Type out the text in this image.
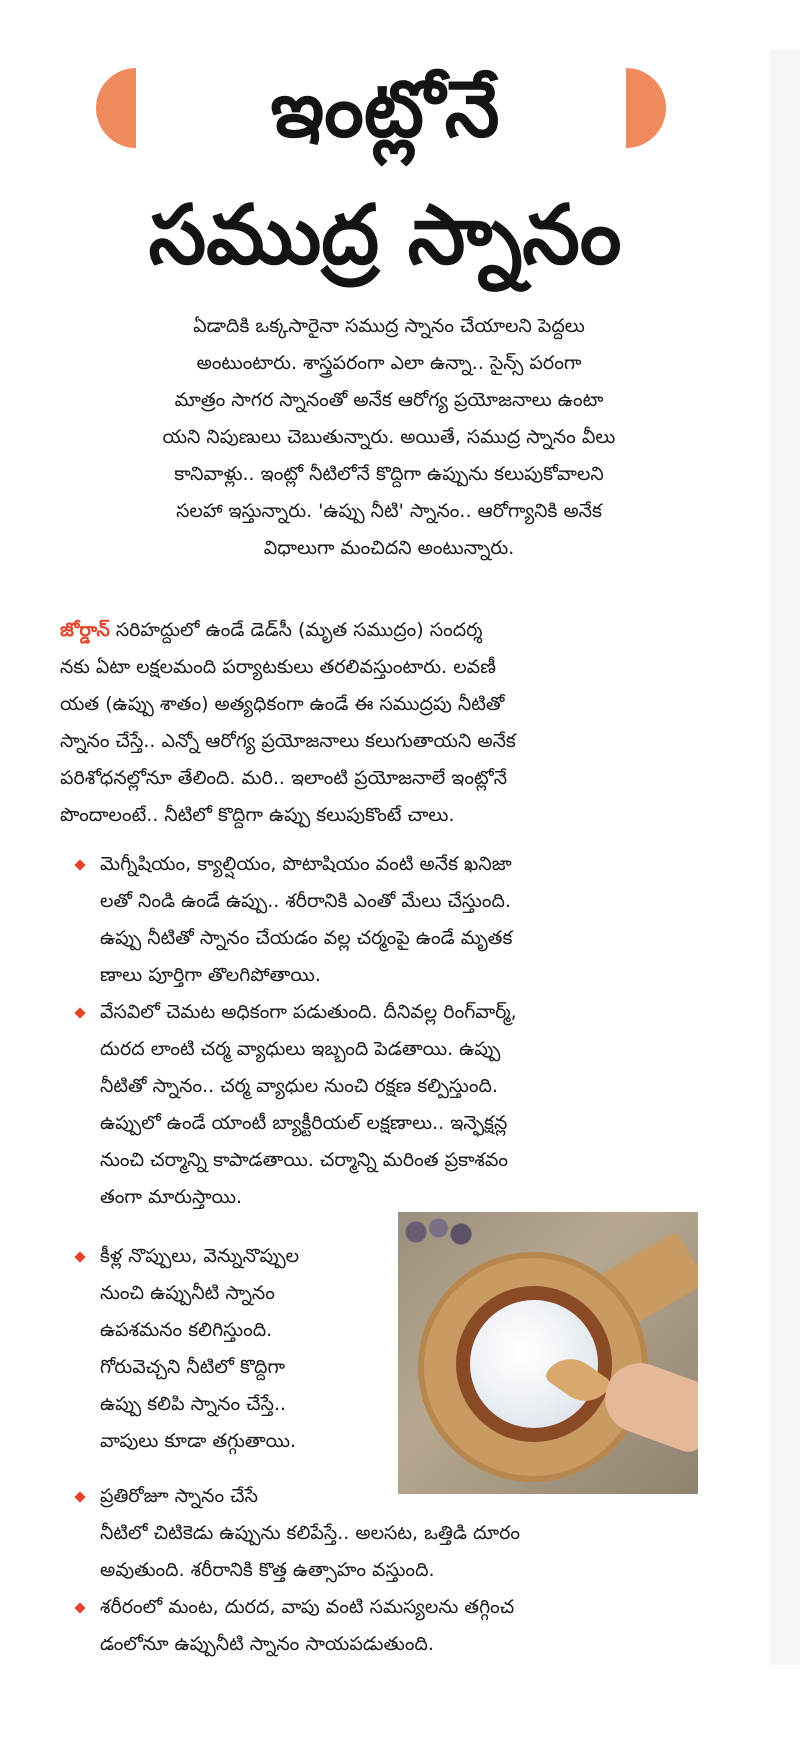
ఇంట్లోనే
సముద్ర స్నానం

ఏడాదికి ఒక్కసారైనా సముద్ర స్నానం చేయాలని పెద్దలు

అంటుంటారు. శాస్త్రపరంగా ఎలా ఉన్నా.. సైన్స్ పరంగా

మాత్రం సాగర స్నానంతో అనేక ఆరోగ్య ప్రయోజనాలు ఉంటా

యని నిపుణులు చెబుతున్నారు. అయితే, సముద్ర స్నానం వీలు

కానివాళ్లు.. ఇంట్లో నీటిలోనే కొద్దిగా ఉప్పును కలుపుకోవాలని

సలహా ఇస్తున్నారు. 'ఉప్పు నీటి' స్నానం.. ఆరోగ్యానికి అనేక

విధాలుగా మంచిదని అంటున్నారు.

జోర్డాన్ సరిహద్దులో ఉండే డెడ్‌సీ (మృత సముద్రం) సందర్శ

నకు ఏటా లక్షలమంది పర్యాటకులు తరలివస్తుంటారు. లవణీ

యత (ఉప్పు శాతం) అత్యధికంగా ఉండే ఈ సముద్రపు నీటితో

స్నానం చేస్తే.. ఎన్నో ఆరోగ్య ప్రయోజనాలు కలుగుతాయని అనేక

పరిశోధనల్లోనూ తేలింది. మరి.. ఇలాంటి ప్రయోజనాలే ఇంట్లోనే

పొందాలంటే.. నీటిలో కొద్దిగా ఉప్పు కలుపుకొంటే చాలు.

మెగ్నీషియం, క్యాల్షియం, పొటాషియం వంటి అనేక ఖనిజా
లతో నిండి ఉండే ఉప్పు.. శరీరానికి ఎంతో మేలు చేస్తుంది.
ఉప్పు నీటితో స్నానం చేయడం వల్ల చర్మంపై ఉండే మృతక
ణాలు పూర్తిగా తొలగిపోతాయి.
వేసవిలో చెమట అధికంగా పడుతుంది. దీనివల్ల రింగ్‌వార్మ్,
దురద లాంటి చర్మ వ్యాధులు ఇబ్బంది పెడతాయి. ఉప్పు
నీటితో స్నానం.. చర్మ వ్యాధుల నుంచి రక్షణ కల్పిస్తుంది.
ఉప్పులో ఉండే యాంటీ బ్యాక్టీరియల్ లక్షణాలు.. ఇన్ఫెక్షన్ల
నుంచి చర్మాన్ని కాపాడతాయి. చర్మాన్ని మరింత ప్రకాశవం
తంగా మారుస్తాయి.
కీళ్ల నొప్పులు, వెన్నునొప్పుల
నుంచి ఉప్పునీటి స్నానం
ఉపశమనం కలిగిస్తుంది.
గోరువెచ్చని నీటిలో కొద్దిగా
ఉప్పు కలిపి స్నానం చేస్తే..
వాపులు కూడా తగ్గుతాయి.
ప్రతిరోజూ స్నానం చేసే
నీటిలో చిటికెడు ఉప్పును కలిపేస్తే.. అలసట, ఒత్తిడి దూరం
అవుతుంది. శరీరానికి కొత్త ఉత్సాహం వస్తుంది.
శరీరంలో మంట, దురద, వాపు వంటి సమస్యలను తగ్గించ
డంలోనూ ఉప్పునీటి స్నానం సాయపడుతుంది.
